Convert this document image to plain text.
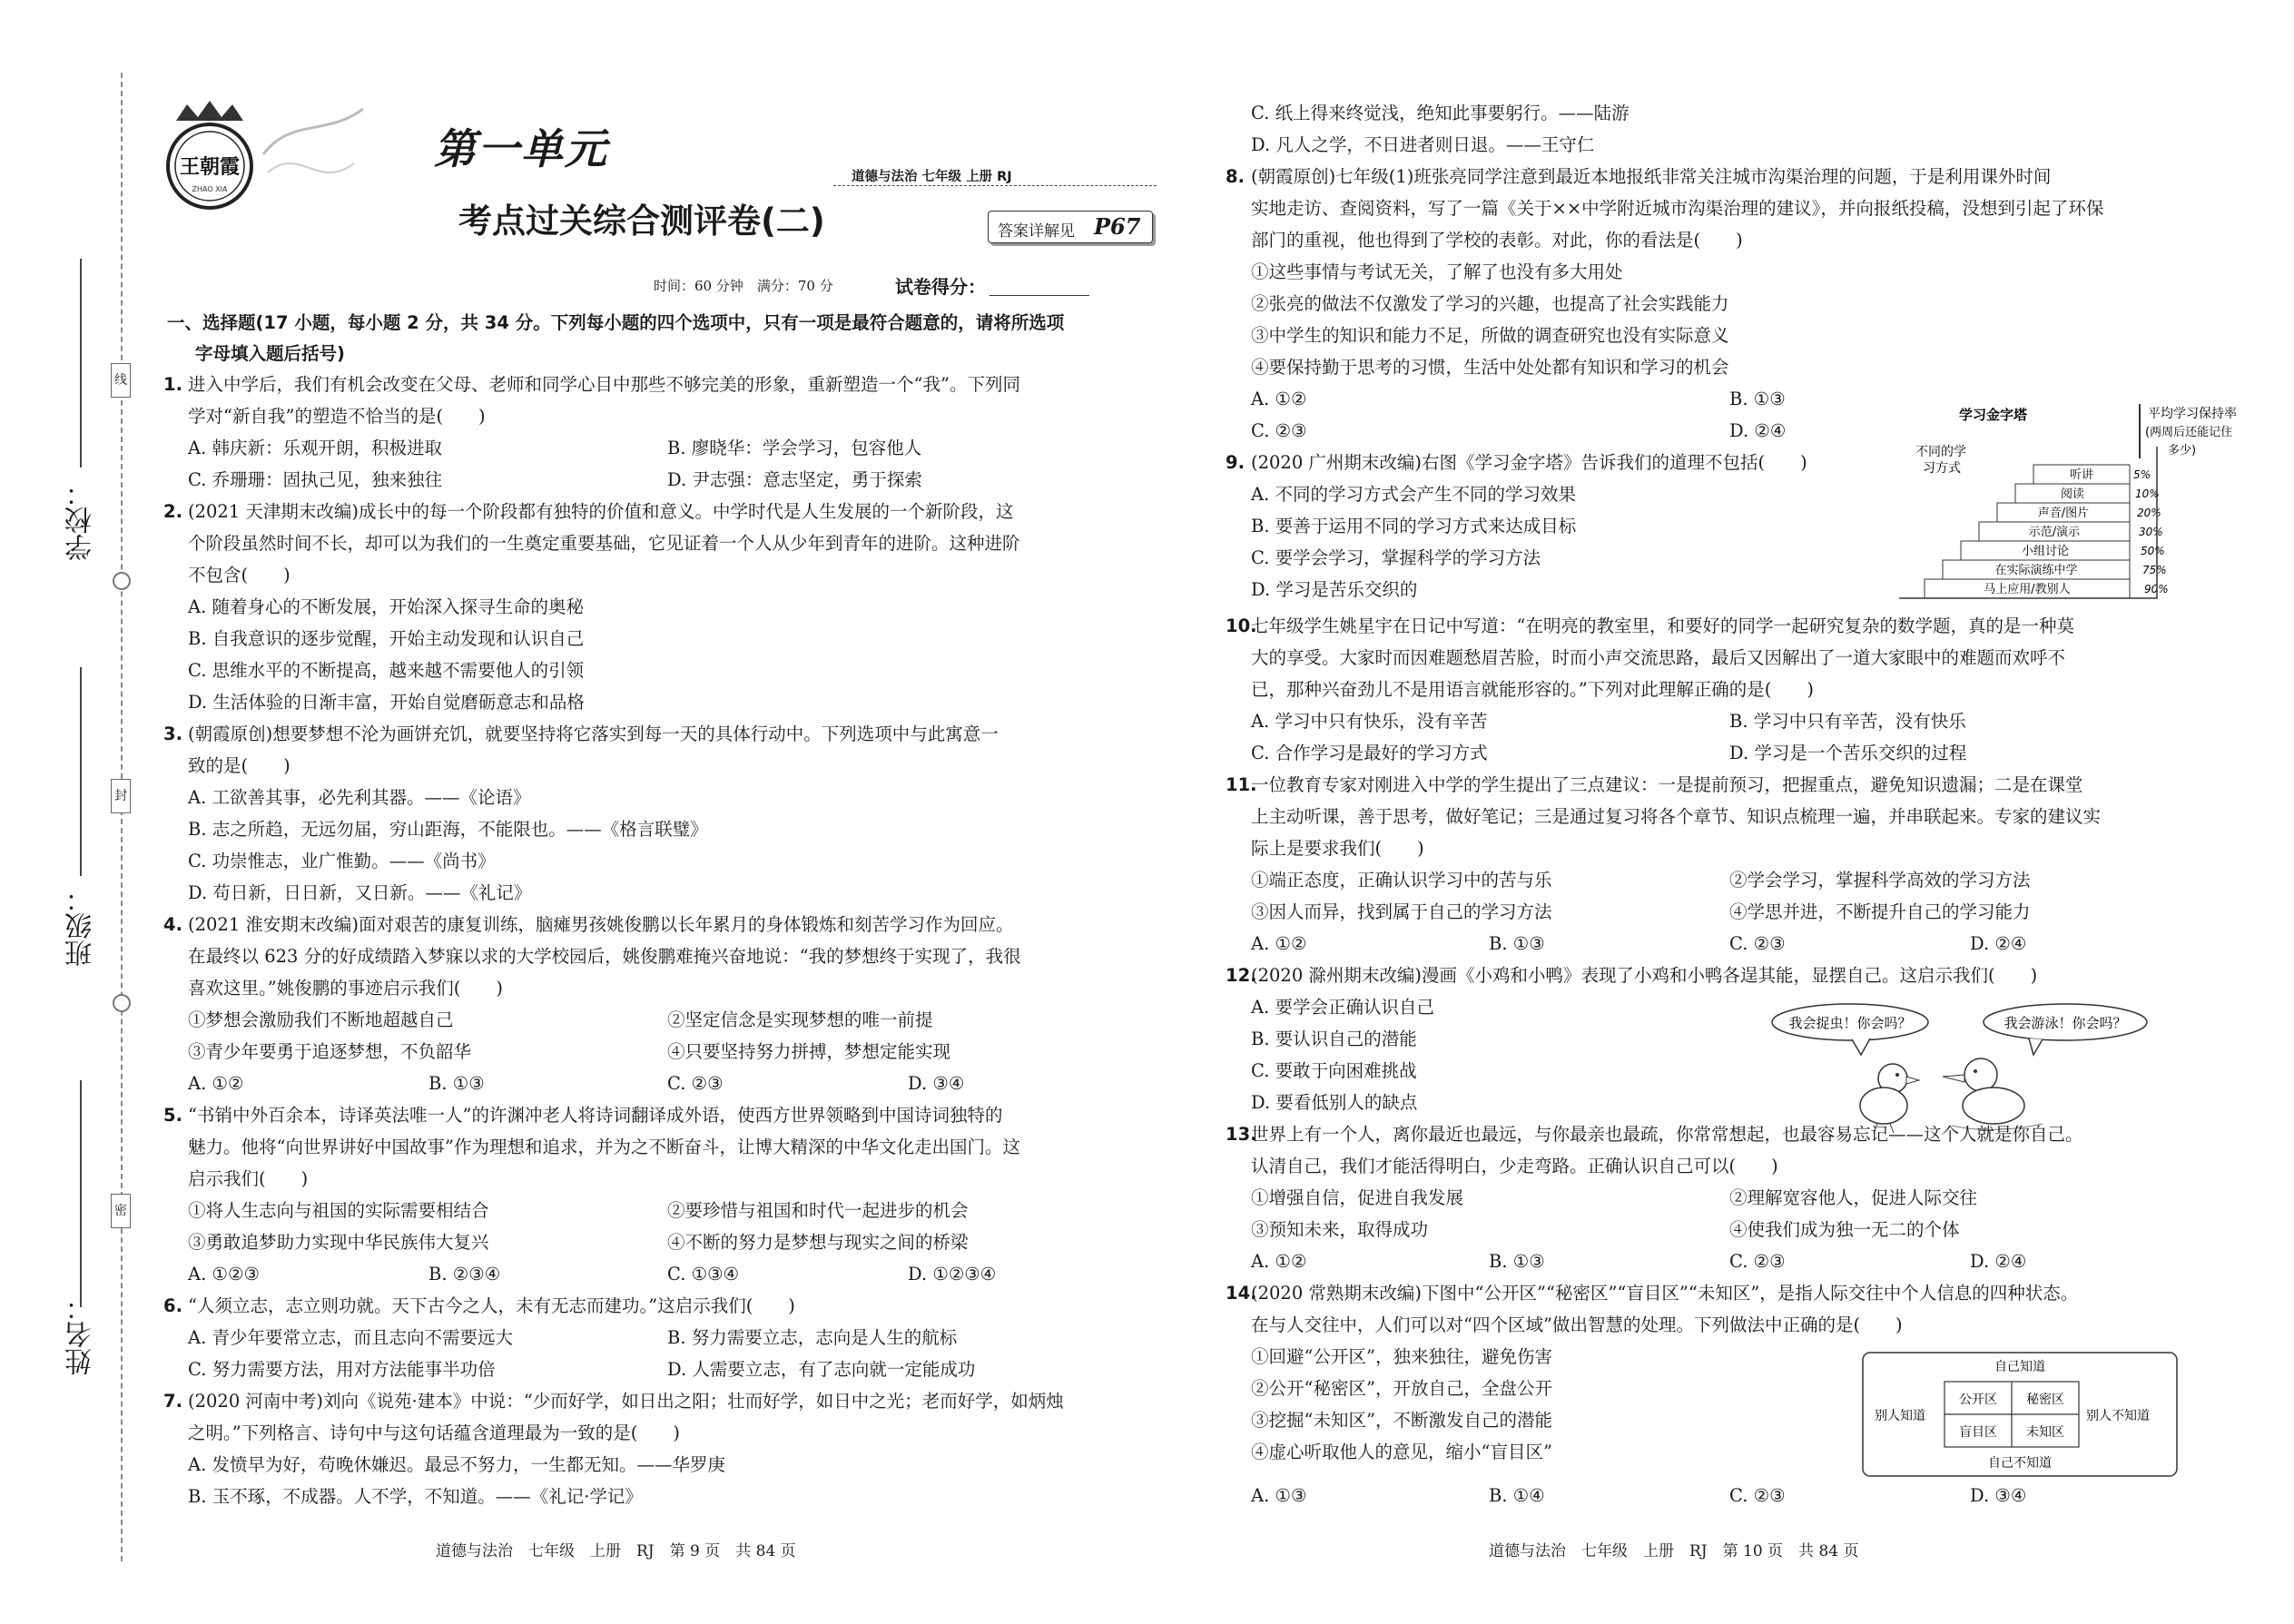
线
封
密
学校：
班级：
姓名：
王朝霞
ZHAO XIA
第一单元
考点过关综合测评卷(二)
道德与法治 七年级 上册 RJ
答案详解见 P67
时间：60 分钟　满分：70 分	试卷得分：
一、选择题(17 小题，每小题 2 分，共 34 分。下列每小题的四个选项中，只有一项是最符合题意的，请将所选项
字母填入题后括号)
1. 进入中学后，我们有机会改变在父母、老师和同学心目中那些不够完美的形象，重新塑造一个“我”。下列同
学对“新自我”的塑造不恰当的是(　　)
A. 韩庆新：乐观开朗，积极进取	B. 廖晓华：学会学习，包容他人
C. 乔珊珊：固执己见，独来独往	D. 尹志强：意志坚定，勇于探索
2. (2021 天津期末改编)成长中的每一个阶段都有独特的价值和意义。中学时代是人生发展的一个新阶段，这
个阶段虽然时间不长，却可以为我们的一生奠定重要基础，它见证着一个人从少年到青年的进阶。这种进阶
不包含(　　)
A. 随着身心的不断发展，开始深入探寻生命的奥秘
B. 自我意识的逐步觉醒，开始主动发现和认识自己
C. 思维水平的不断提高，越来越不需要他人的引领
D. 生活体验的日渐丰富，开始自觉磨砺意志和品格
3. (朝霞原创)想要梦想不沦为画饼充饥，就要坚持将它落实到每一天的具体行动中。下列选项中与此寓意一
致的是(　　)
A. 工欲善其事，必先利其器。——《论语》
B. 志之所趋，无远勿届，穷山距海，不能限也。——《格言联璧》
C. 功崇惟志，业广惟勤。——《尚书》
D. 苟日新，日日新，又日新。——《礼记》
4. (2021 淮安期末改编)面对艰苦的康复训练，脑瘫男孩姚俊鹏以长年累月的身体锻炼和刻苦学习作为回应。
在最终以 623 分的好成绩踏入梦寐以求的大学校园后，姚俊鹏难掩兴奋地说：“我的梦想终于实现了，我很
喜欢这里。”姚俊鹏的事迹启示我们(　　)
①梦想会激励我们不断地超越自己	②坚定信念是实现梦想的唯一前提
③青少年要勇于追逐梦想，不负韶华	④只要坚持努力拼搏，梦想定能实现
A. ①②	B. ①③	C. ②③	D. ③④
5. “书销中外百余本，诗译英法唯一人”的许渊冲老人将诗词翻译成外语，使西方世界领略到中国诗词独特的
魅力。他将“向世界讲好中国故事”作为理想和追求，并为之不断奋斗，让博大精深的中华文化走出国门。这
启示我们(　　)
①将人生志向与祖国的实际需要相结合	②要珍惜与祖国和时代一起进步的机会
③勇敢追梦助力实现中华民族伟大复兴	④不断的努力是梦想与现实之间的桥梁
A. ①②③	B. ②③④	C. ①③④	D. ①②③④
6. “人须立志，志立则功就。天下古今之人，未有无志而建功。”这启示我们(　　)
A. 青少年要常立志，而且志向不需要远大	B. 努力需要立志，志向是人生的航标
C. 努力需要方法，用对方法能事半功倍	D. 人需要立志，有了志向就一定能成功
7. (2020 河南中考)刘向《说苑·建本》中说：“少而好学，如日出之阳；壮而好学，如日中之光；老而好学，如炳烛
之明。”下列格言、诗句中与这句话蕴含道理最为一致的是(　　)
A. 发愤早为好，苟晚休嫌迟。最忌不努力，一生都无知。——华罗庚
B. 玉不琢，不成器。人不学，不知道。——《礼记·学记》
道德与法治　七年级　上册　RJ　第 9 页　共 84 页
C. 纸上得来终觉浅，绝知此事要躬行。——陆游
D. 凡人之学，不日进者则日退。——王守仁
8. (朝霞原创)七年级(1)班张亮同学注意到最近本地报纸非常关注城市沟渠治理的问题，于是利用课外时间
实地走访、查阅资料，写了一篇《关于××中学附近城市沟渠治理的建议》，并向报纸投稿，没想到引起了环保
部门的重视，他也得到了学校的表彰。对此，你的看法是(　　)
①这些事情与考试无关，了解了也没有多大用处
②张亮的做法不仅激发了学习的兴趣，也提高了社会实践能力
③中学生的知识和能力不足，所做的调查研究也没有实际意义
④要保持勤于思考的习惯，生活中处处都有知识和学习的机会
A. ①②	B. ①③
C. ②③	D. ②④
9. (2020 广州期末改编)右图《学习金字塔》告诉我们的道理不包括(　　)
A. 不同的学习方式会产生不同的学习效果
B. 要善于运用不同的学习方式来达成目标
C. 要学会学习，掌握科学的学习方法
D. 学习是苦乐交织的
学习金字塔	平均学习保持率
(两周后还能记住
多少)
不同的学
习方式	听讲	5%
阅读	10%
声音/图片	20%
示范/演示	30%
小组讨论	50%
在实际演练中学	75%
马上应用/教别人	90%
10.
七年级学生姚星宇在日记中写道：“在明亮的教室里，和要好的同学一起研究复杂的数学题，真的是一种莫
大的享受。大家时而因难题愁眉苦脸，时而小声交流思路，最后又因解出了一道大家眼中的难题而欢呼不
已，那种兴奋劲儿不是用语言就能形容的。”下列对此理解正确的是(　　)
A. 学习中只有快乐，没有辛苦	B. 学习中只有辛苦，没有快乐
C. 合作学习是最好的学习方式	D. 学习是一个苦乐交织的过程
11.
一位教育专家对刚进入中学的学生提出了三点建议：一是提前预习，把握重点，避免知识遗漏；二是在课堂
上主动听课，善于思考，做好笔记；三是通过复习将各个章节、知识点梳理一遍，并串联起来。专家的建议实
际上是要求我们(　　)
①端正态度，正确认识学习中的苦与乐	②学会学习，掌握科学高效的学习方法
③因人而异，找到属于自己的学习方法	④学思并进，不断提升自己的学习能力
A. ①②	B. ①③	C. ②③	D. ②④
12.
(2020 滁州期末改编)漫画《小鸡和小鸭》表现了小鸡和小鸭各逞其能，显摆自己。这启示我们(　　)
A. 要学会正确认识自己
B. 要认识自己的潜能
C. 要敢于向困难挑战
D. 要看低别人的缺点
我会捉虫！你会吗？	我会游泳！你会吗？
13.
世界上有一个人，离你最近也最远，与你最亲也最疏，你常常想起，也最容易忘记——这个人就是你自己。
认清自己，我们才能活得明白，少走弯路。正确认识自己可以(　　)
①增强自信，促进自我发展	②理解宽容他人，促进人际交往
③预知未来，取得成功	④使我们成为独一无二的个体
A. ①②	B. ①③	C. ②③	D. ②④
14.
(2020 常熟期末改编)下图中“公开区”“秘密区”“盲目区”“未知区”，是指人际交往中个人信息的四种状态。
在与人交往中，人们可以对“四个区域”做出智慧的处理。下列做法中正确的是(　　)
①回避“公开区”，独来独往，避免伤害
②公开“秘密区”，开放自己，全盘公开
③挖掘“未知区”，不断激发自己的潜能
④虚心听取他人的意见，缩小“盲目区”
A. ①③	B. ①④	C. ②③	D. ③④
自己知道
自己不知道
别人知道	别人不知道
公开区 秘密区
盲目区 未知区
道德与法治　七年级　上册　RJ　第 10 页　共 84 页
